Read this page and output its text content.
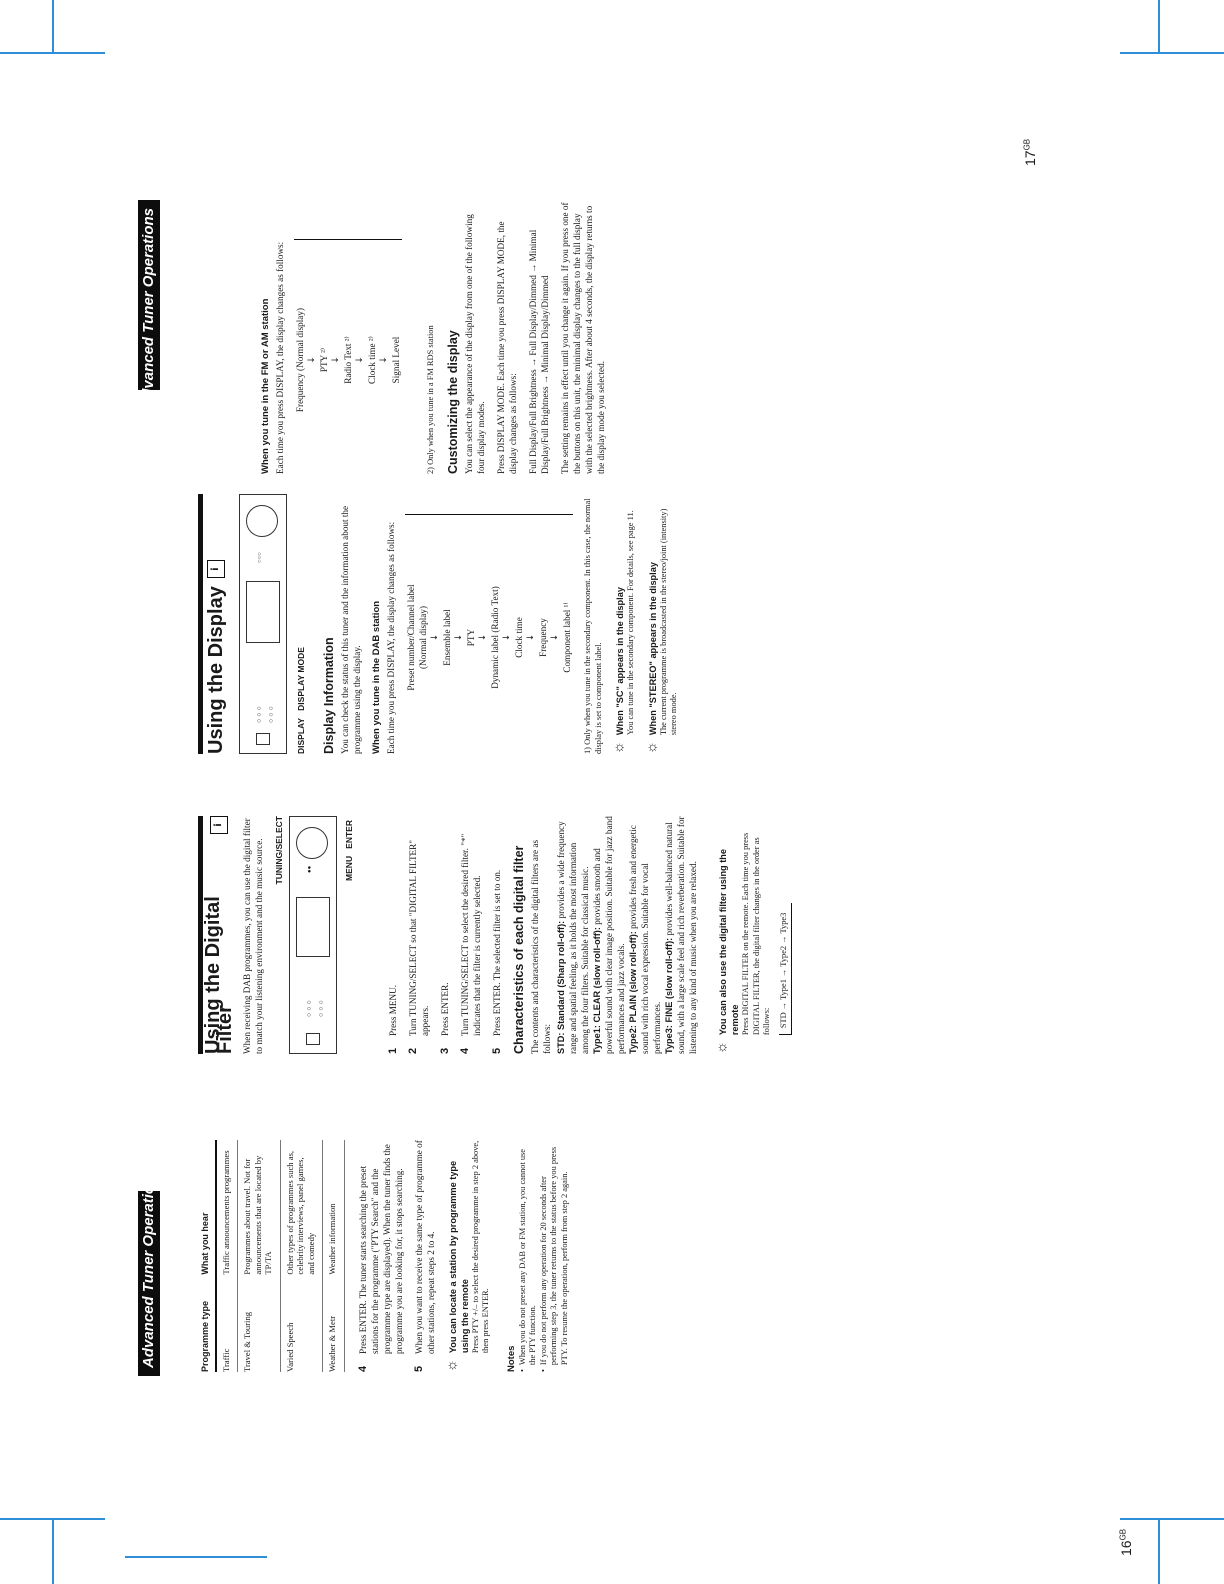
Advanced Tuner Operations
Advanced Tuner Operations
$16^{GB}$
$17^{GB}$
Programme type	What you hear
Traffic	Traffic announcements programmes
Travel & Touring	Programmes about travel. Not for announcements that are located by TP/TA
Varied Speech	Other types of programmes such as, celebrity interviews, panel games, and comedy
Weather & Metr	Weather information
4
Press ENTER. The tuner starts searching the preset stations for the programme ("PTY Search" and the programme type are displayed). When the tuner finds the programme you are looking for, it stops searching.
5
When you want to receive the same type of programme of other stations, repeat steps 2 to 4.
☼
You can locate a station by programme type using the remote Press PTY +/– to select the desired programme in step 2 above, then press ENTER.
Notes •
When you do not preset any DAB or FM station, you cannot use the PTY function.
•
If you do not perform any operation for 20 seconds after performing step 3, the tuner returns to the status before you press PTY. To resume the operation, perform from step 2 again.
Using the Digital Filter
i	When receiving DAB programmes, you can use the digital filter to match your listening environment and the music source. TUNING/SELECT
○○○ ○○○
●●	MENU   ENTER
1
Press MENU.
2
Turn TUNING/SELECT so that "DIGITAL FILTER" appears.
3
Press ENTER.
4
Turn TUNING/SELECT to select the desired filter. "*" indicates that the filter is currently selected.
5
Press ENTER. The selected filter is set to on. Characteristics of each digital filter The contents and characteristics of the digital filters are as follows: STD: Standard (Sharp roll-off): provides a wide frequency range and spatial feeling, as it holds the most information among the four filters. Suitable for classical music. Type1: CLEAR (slow roll-off): provides smooth and powerful sound with clear image position. Suitable for jazz band performances and jazz vocals. Type2: PLAIN (slow roll-off): provides fresh and energetic sound with rich vocal expression. Suitable for vocal performances. Type3: FINE (slow roll-off): provides well-balanced natural sound, with a large scale feel and rich reverberation. Suitable for listening to any kind of music when you are relaxed. ☼
You can also use the digital filter using the remote Press DIGITAL FILTER on the remote. Each time you press DIGITAL FILTER, the digital filter changes in the order as follows: STD → Type1 → Type2 → Type3
Using the Display
i
○○○ ○○○
○○○
DISPLAY   DISPLAY MODE Display Information You can check the status of this tuner and the information about the programme using the display. When you tune in the DAB station Each time you press DISPLAY, the display changes as follows: Preset number/Channel label (Normal display) ↓ Ensemble label ↓ PTY ↓ Dynamic label (Radio Text) ↓ Clock time ↓ Frequency ↓ Component label ¹⁾ 1) Only when you tune in the secondary component. In this case, the normal display is set to component label. ☼
When "SC" appears in the display You can tune in the secondary component. For details, see page 11.
☼
When "STEREO" appears in the display The current programme is broadcasted in the stereo/joint (intensity) stereo mode.
When you tune in the FM or AM station Each time you press DISPLAY, the display changes as follows: Frequency (Normal display) ↓ PTY ²⁾ ↓ Radio Text ²⁾ ↓ Clock time ²⁾ ↓ Signal Level	2) Only when you tune in a FM RDS station Customizing the display You can select the appearance of the display from one of the following four display modes. Press DISPLAY MODE. Each time you press DISPLAY MODE, the display changes as follows: Full Display/Full Brightness → Full Display/Dimmed → Minimal Display/Full Brightness → Minimal Display/Dimmed The setting remains in effect until you change it again. If you press one of the buttons on this unit, the minimal display changes to the full display with the selected brightness. After about 4 seconds, the display returns to the display mode you selected.
